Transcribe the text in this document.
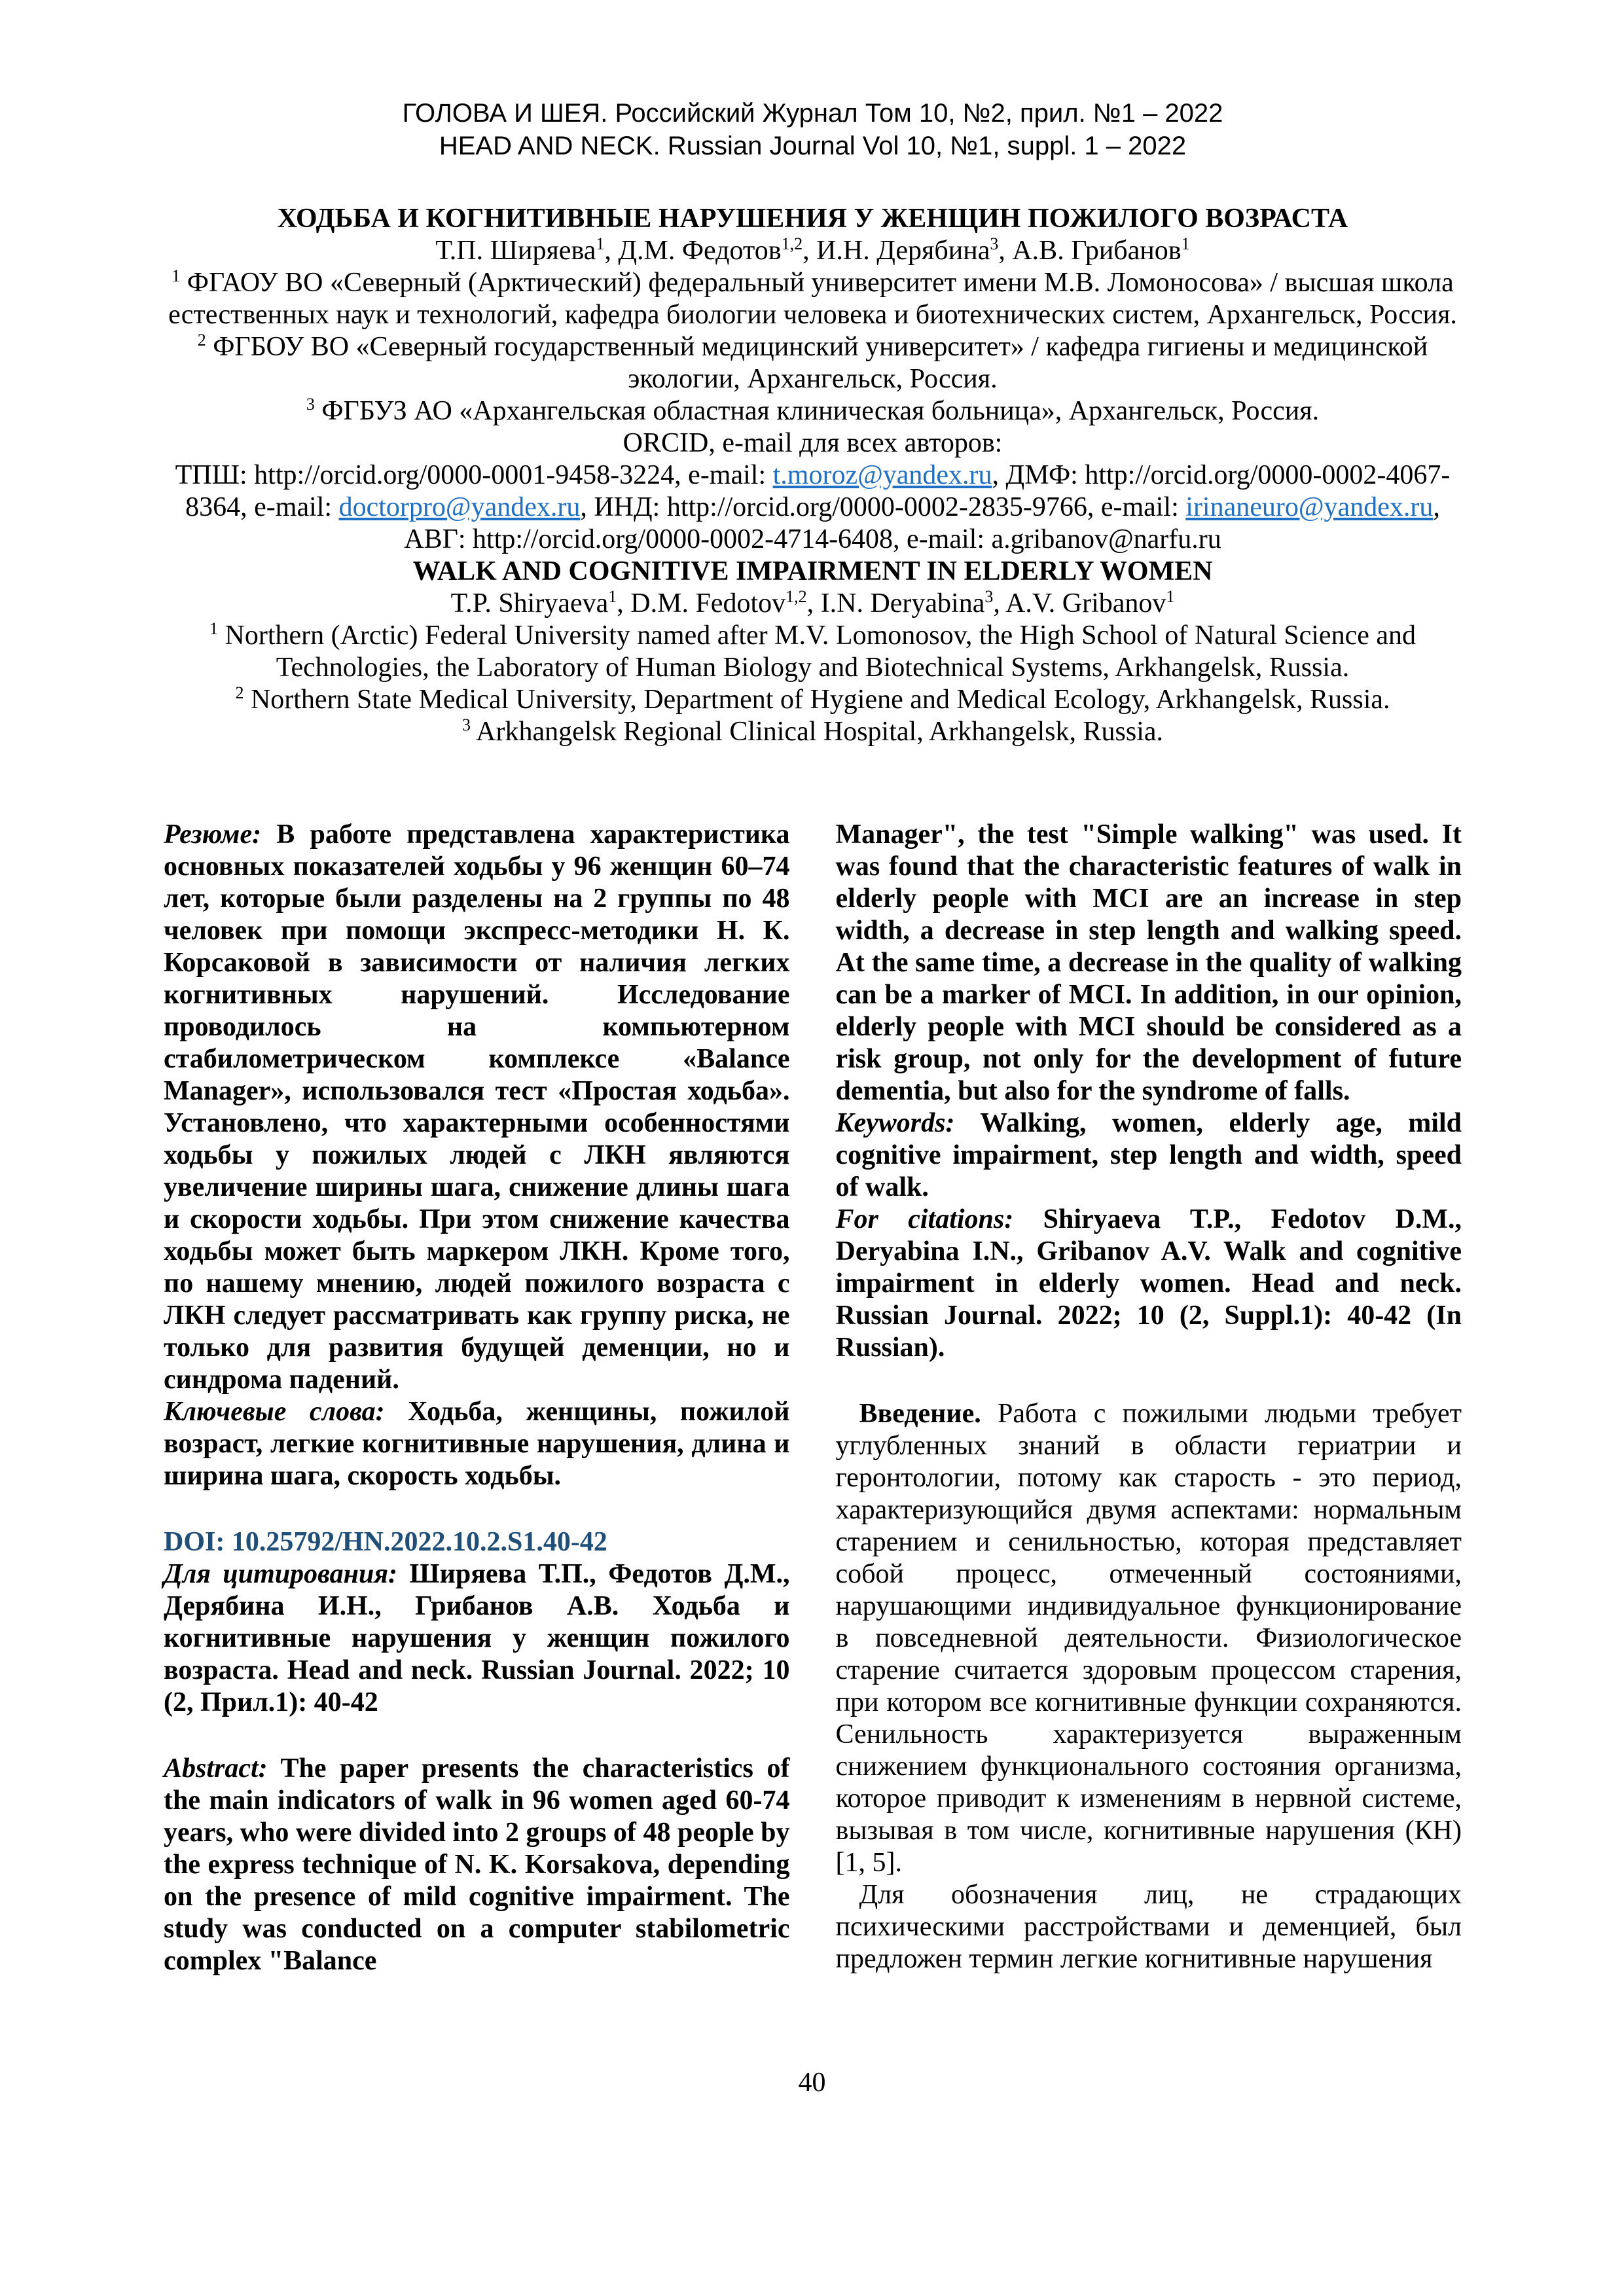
ГОЛОВА И ШЕЯ. Российский Журнал Том 10, №2, прил. №1 – 2022
HEAD AND NECK. Russian Journal Vol 10, №1, suppl. 1 – 2022
ХОДЬБА И КОГНИТИВНЫЕ НАРУШЕНИЯ У ЖЕНЩИН ПОЖИЛОГО ВОЗРАСТА
Т.П. Ширяева$^1$, Д.М. Федотов$^{1,2}$, И.Н. Дерябина$^3$, А.В. Грибанов$^1$
$^1$ ФГАОУ ВО «Северный (Арктический) федеральный университет имени М.В. Ломоносова» / высшая школа естественных наук и технологий, кафедра биологии человека и биотехнических систем, Архангельск, Россия.
$^2$ ФГБОУ ВО «Северный государственный медицинский университет» / кафедра гигиены и медицинской экологии, Архангельск, Россия.
$^3$ ФГБУЗ АО «Архангельская областная клиническая больница», Архангельск, Россия.
ORCID, e-mail для всех авторов:
ТПШ: http://orcid.org/0000-0001-9458-3224, e-mail: t.moroz@yandex.ru, ДМФ: http://orcid.org/0000-0002-4067-8364, e-mail: doctorpro@yandex.ru, ИНД: http://orcid.org/0000-0002-2835-9766, e-mail: irinaneuro@yandex.ru, АВГ: http://orcid.org/0000-0002-4714-6408, e-mail: a.gribanov@narfu.ru
WALK AND COGNITIVE IMPAIRMENT IN ELDERLY WOMEN
T.P. Shiryaeva$^1$, D.M. Fedotov$^{1,2}$, I.N. Deryabina$^3$, A.V. Gribanov$^1$
$^1$ Northern (Arctic) Federal University named after M.V. Lomonosov, the High School of Natural Science and Technologies, the Laboratory of Human Biology and Biotechnical Systems, Arkhangelsk, Russia.
$^2$ Northern State Medical University, Department of Hygiene and Medical Ecology, Arkhangelsk, Russia.
$^3$ Arkhangelsk Regional Clinical Hospital, Arkhangelsk, Russia.

Резюме: В работе представлена характеристика основных показателей ходьбы у 96 женщин 60–74 лет, которые были разделены на 2 группы по 48 человек при помощи экспресс-методики Н. К. Корсаковой в зависимости от наличия легких когнитивных нарушений. Исследование проводилось на компьютерном стабилометрическом комплексе «Balance Manager», использовался тест «Простая ходьба». Установлено, что характерными особенностями ходьбы у пожилых людей с ЛКН являются увеличение ширины шага, снижение длины шага и скорости ходьбы. При этом снижение качества ходьбы может быть маркером ЛКН. Кроме того, по нашему мнению, людей пожилого возраста с ЛКН следует рассматривать как группу риска, не только для развития будущей деменции, но и синдрома падений.

Ключевые слова: Ходьба, женщины, пожилой возраст, легкие когнитивные нарушения, длина и ширина шага, скорость ходьбы.

DOI: 10.25792/HN.2022.10.2.S1.40-42

Для цитирования: Ширяева Т.П., Федотов Д.М., Дерябина И.Н., Грибанов А.В. Ходьба и когнитивные нарушения у женщин пожилого возраста. Head and neck. Russian Journal. 2022; 10 (2, Прил.1): 40-42

Abstract: The paper presents the characteristics of the main indicators of walk in 96 women aged 60-74 years, who were divided into 2 groups of 48 people by the express technique of N. K. Korsakova, depending on the presence of mild cognitive impairment. The study was conducted on a computer stabilometric complex "Balance

Manager", the test "Simple walking" was used. It was found that the characteristic features of walk in elderly people with MCI are an increase in step width, a decrease in step length and walking speed. At the same time, a decrease in the quality of walking can be a marker of MCI. In addition, in our opinion, elderly people with MCI should be considered as a risk group, not only for the development of future dementia, but also for the syndrome of falls.

Keywords: Walking, women, elderly age, mild cognitive impairment, step length and width, speed of walk.

For citations: Shiryaeva T.P., Fedotov D.M., Deryabina I.N., Gribanov A.V. Walk and cognitive impairment in elderly women. Head and neck. Russian Journal. 2022; 10 (2, Suppl.1): 40-42 (In Russian).

Введение. Работа с пожилыми людьми требует углубленных знаний в области гериатрии и геронтологии, потому как старость - это период, характеризующийся двумя аспектами: нормальным старением и сенильностью, которая представляет собой процесс, отмеченный состояниями, нарушающими индивидуальное функционирование в повседневной деятельности. Физиологическое старение считается здоровым процессом старения, при котором все когнитивные функции сохраняются. Сенильность характеризуется выраженным снижением функционального состояния организма, которое приводит к изменениям в нервной системе, вызывая в том числе, когнитивные нарушения (КН) [1, 5].

Для обозначения лиц, не страдающих психическими расстройствами и деменцией, был предложен термин легкие когнитивные нарушения

40
